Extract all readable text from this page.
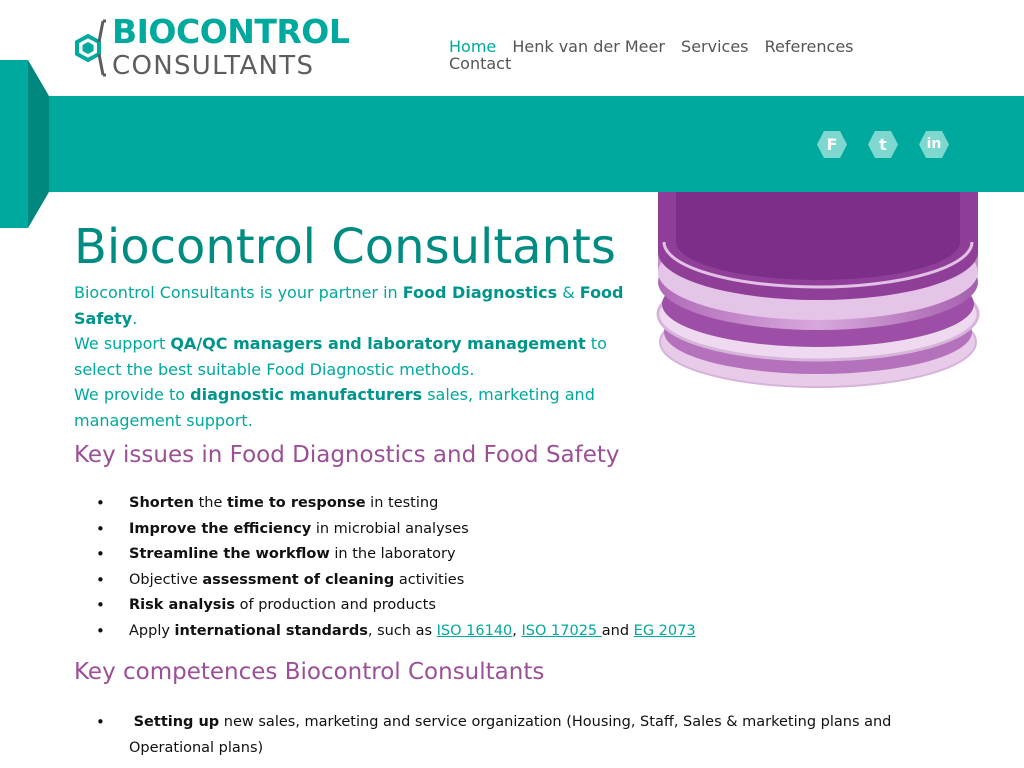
BIOCONTROL
CONSULTANTS
Home Henk van der Meer Services References Contact
F	t	in
Biocontrol Consultants

Biocontrol Consultants is your partner in Food Diagnostics & Food Safety.

We support QA/QC managers and laboratory management to select the best suitable Food Diagnostic methods.

We provide to diagnostic manufacturers sales, marketing and management support.

Key issues in Food Diagnostics and Food Safety
• Shorten the time to response in testing
• Improve the efficiency in microbial analyses
• Streamline the workflow in the laboratory
• Objective assessment of cleaning activities
• Risk analysis of production and products
• Apply international standards, such as ISO 16140, ISO 17025 and EG 2073
Key competences Biocontrol Consultants
• Setting up new sales, marketing and service organization (Housing, Staff, Sales & marketing plans and Operational plans)
